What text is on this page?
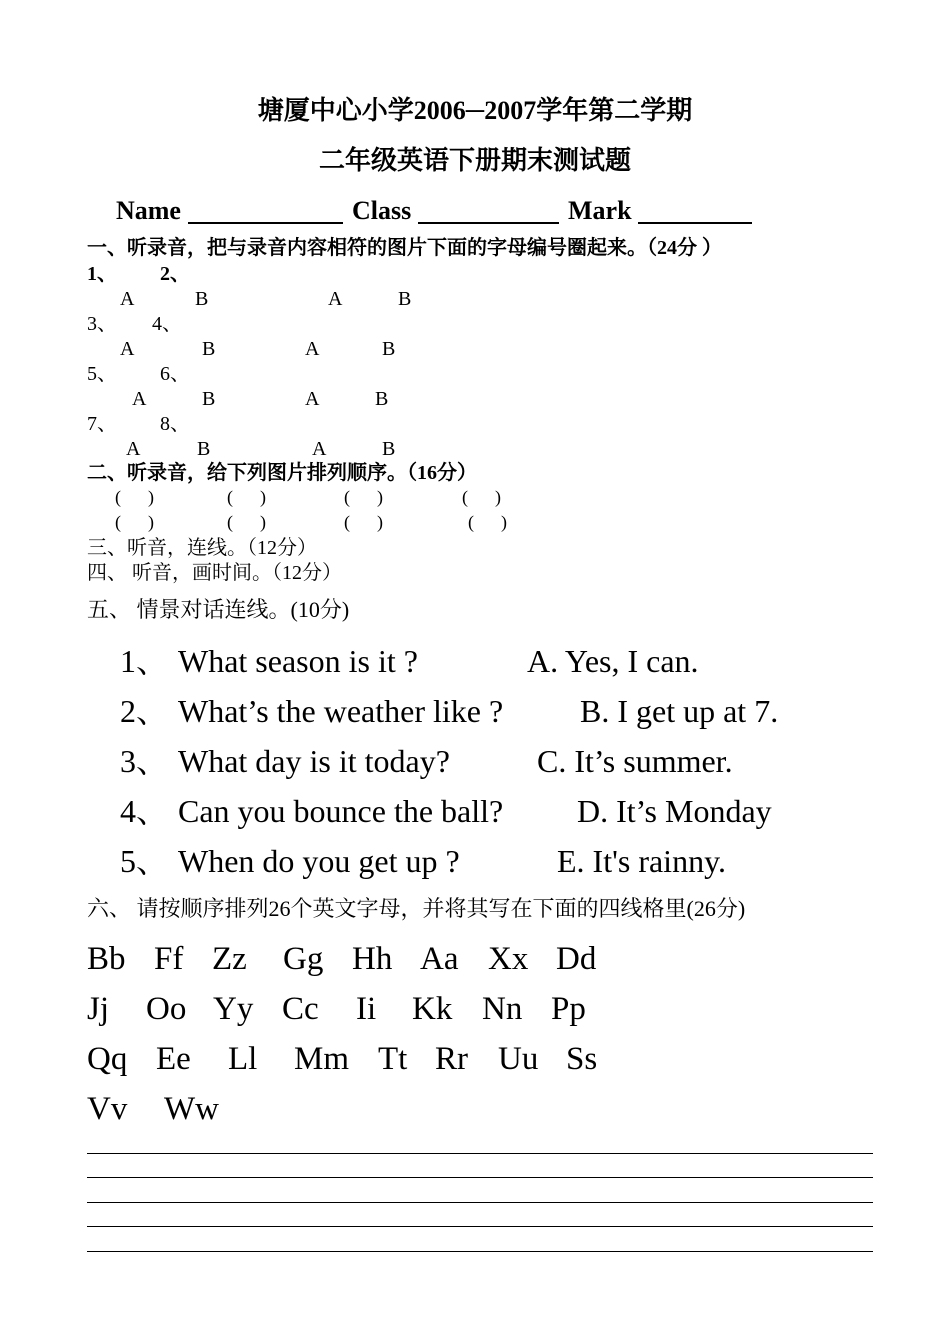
塘厦中心小学2006─2007学年第二学期
二年级英语下册期末测试题
Name	Class	Mark
一、听录音，把与录音内容相符的图片下面的字母编号圈起来。（24分 ）
1、 2、
A	B	A	B
3、 4、
A	B	A	B
5、 6、
A	B	A	B
7、 8、
A	B	A	B
二、听录音，给下列图片排列顺序。（16分）
(      )	(      )	(      )	(      )
(      )	(      )	(      )	(      )
三、听音，连线。（12分）
四、 听音，画时间。（12分）
五、 情景对话连线。(10分)
1、 What season is it ?	A. Yes, I can.
2、 What’s the weather like ? B. I get up at 7.
3、 What day is it today?	C. It’s summer.
4、 Can you bounce the ball? D. It’s Monday
5、 When do you get up ?	E. It's rainny.
六、 请按顺序排列26个英文字母，并将其写在下面的四线格里(26分)
Bb Ff Zz Gg Hh Aa Xx Dd
Jj Oo Yy Cc Ii Kk Nn Pp
Qq Ee Ll Mm Tt Rr Uu Ss
Vv Ww
